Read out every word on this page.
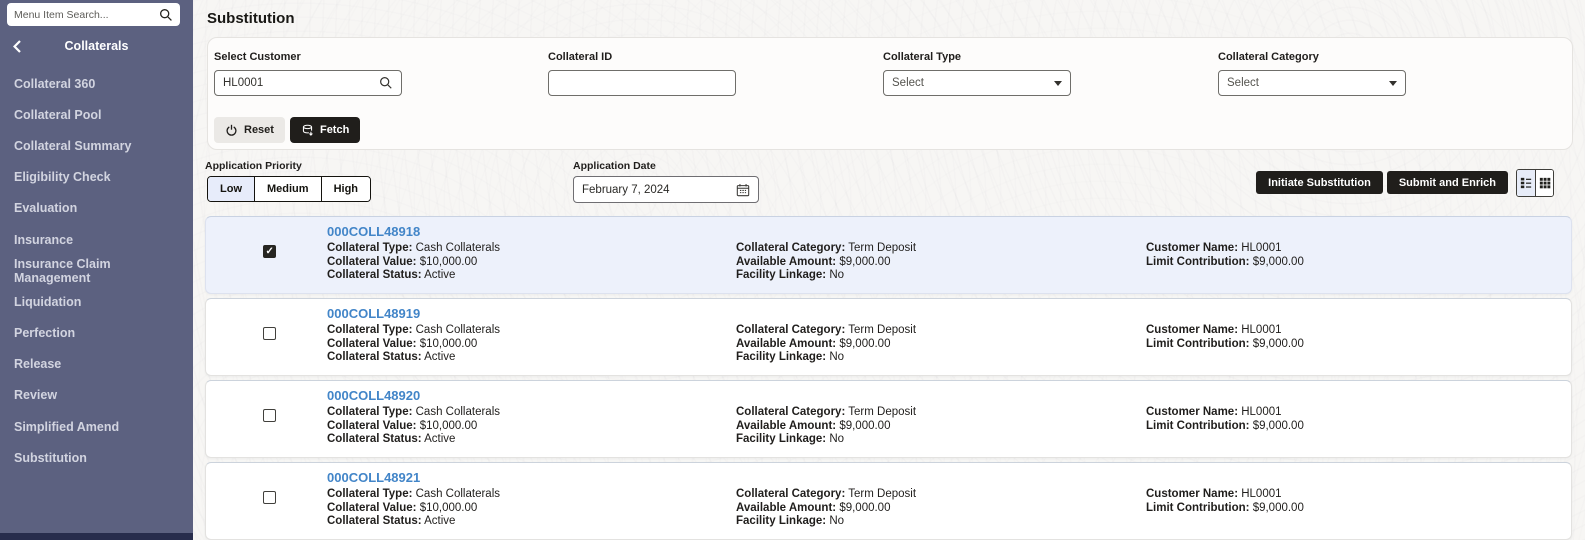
Menu Item Search...
Collaterals
Collateral 360
Collateral Pool
Collateral Summary
Eligibility Check
Evaluation
Insurance
Insurance Claim Management
Liquidation
Perfection
Release
Review
Simplified Amend
Substitution
Substitution
Select Customer
HL0001	Collateral ID	Collateral Type
Select
Collateral Category
Select
Reset	Fetch
Application Priority
Low	Medium	High
Application Date
February 7, 2024
Initiate Substitution	Submit and Enrich
✓
000COLL48918
Collateral Type: Cash Collaterals
Collateral Value: $10,000.00
Collateral Status: Active
Collateral Category: Term Deposit
Available Amount: $9,000.00
Facility Linkage: No
Customer Name: HL0001
Limit Contribution: $9,000.00
000COLL48919
Collateral Type: Cash Collaterals
Collateral Value: $10,000.00
Collateral Status: Active
Collateral Category: Term Deposit
Available Amount: $9,000.00
Facility Linkage: No
Customer Name: HL0001
Limit Contribution: $9,000.00
000COLL48920
Collateral Type: Cash Collaterals
Collateral Value: $10,000.00
Collateral Status: Active
Collateral Category: Term Deposit
Available Amount: $9,000.00
Facility Linkage: No
Customer Name: HL0001
Limit Contribution: $9,000.00
000COLL48921
Collateral Type: Cash Collaterals
Collateral Value: $10,000.00
Collateral Status: Active
Collateral Category: Term Deposit
Available Amount: $9,000.00
Facility Linkage: No
Customer Name: HL0001
Limit Contribution: $9,000.00
